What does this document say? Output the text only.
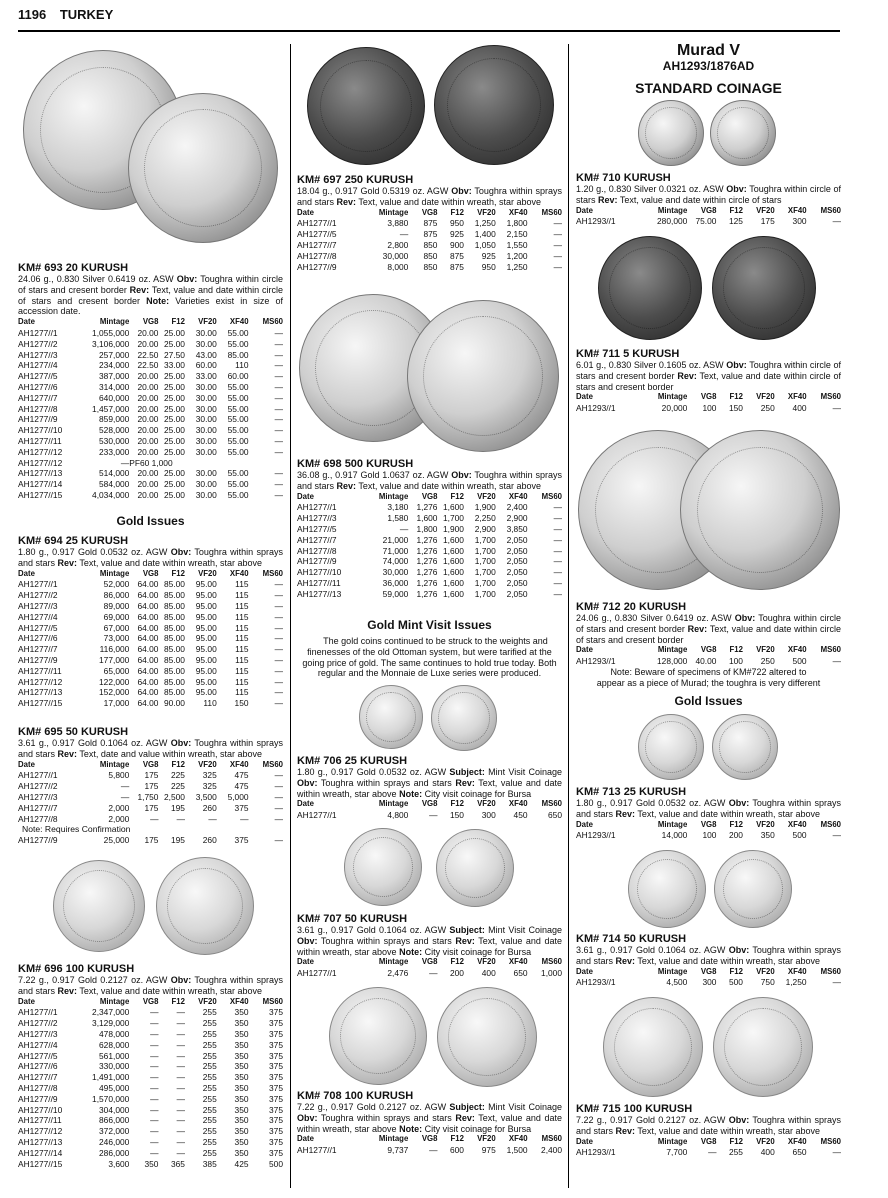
1196 TURKEY
KM# 693 20 KURUSH
24.06 g., 0.830 Silver 0.6419 oz. ASW Obv: Toughra within circle of stars and cresent border Rev: Text, value and date within circle of stars and cresent border Note: Varieties exist in size of accession date.
Date	Mintage	VG8	F12	VF20	XF40	MS60
AH1277//1	1,055,000	20.00	25.00	30.00	55.00	—
AH1277//2	3,106,000	20.00	25.00	30.00	55.00	—
AH1277//3	257,000	22.50	27.50	43.00	85.00	—
AH1277//4	234,000	22.50	33.00	60.00	110	—
AH1277//5	387,000	20.00	25.00	33.00	60.00	—
AH1277//6	314,000	20.00	25.00	30.00	55.00	—
AH1277//7	640,000	20.00	25.00	30.00	55.00	—
AH1277//8	1,457,000	20.00	25.00	30.00	55.00	—
AH1277//9	859,000	20.00	25.00	30.00	55.00	—
AH1277//10	528,000	20.00	25.00	30.00	55.00	—
AH1277//11	530,000	20.00	25.00	30.00	55.00	—
AH1277//12	233,000	20.00	25.00	30.00	55.00	—
AH1277//12	—	PF60 1,000				
AH1277//13	514,000	20.00	25.00	30.00	55.00	—
AH1277//14	584,000	20.00	25.00	30.00	55.00	—
AH1277//15	4,034,000	20.00	25.00	30.00	55.00	—
Gold Issues
KM# 694 25 KURUSH
1.80 g., 0.917 Gold 0.0532 oz. AGW Obv: Toughra within sprays and stars Rev: Text, value and date within wreath, star above
Date	Mintage	VG8	F12	VF20	XF40	MS60
AH1277//1	52,000	64.00	85.00	95.00	115	—
AH1277//2	86,000	64.00	85.00	95.00	115	—
AH1277//3	89,000	64.00	85.00	95.00	115	—
AH1277//4	69,000	64.00	85.00	95.00	115	—
AH1277//5	67,000	64.00	85.00	95.00	115	—
AH1277//6	73,000	64.00	85.00	95.00	115	—
AH1277//7	116,000	64.00	85.00	95.00	115	—
AH1277//9	177,000	64.00	85.00	95.00	115	—
AH1277//11	65,000	64.00	85.00	95.00	115	—
AH1277//12	122,000	64.00	85.00	95.00	115	—
AH1277//13	152,000	64.00	85.00	95.00	115	—
AH1277//15	17,000	64.00	90.00	110	150	—
KM# 695 50 KURUSH
3.61 g., 0.917 Gold 0.1064 oz. AGW Obv: Toughra within sprays and stars Rev: Text, date and value within wreath, star above
Date	Mintage	VG8	F12	VF20	XF40	MS60
AH1277//1	5,800	175	225	325	475	—
AH1277//2	—	175	225	325	475	—
AH1277//3	—	1,750	2,500	3,500	5,000	—
AH1277//7	2,000	175	195	260	375	—
AH1277//8	2,000	—	—	—	—	—
Note: Requires Confirmation
AH1277//9	25,000	175	195	260	375	—
KM# 696 100 KURUSH
7.22 g., 0.917 Gold 0.2127 oz. AGW Obv: Toughra within sprays and stars Rev: Text, value and date within wreath, star above
Date	Mintage	VG8	F12	VF20	XF40	MS60
AH1277//1	2,347,000	—	—	255	350	375
AH1277//2	3,129,000	—	—	255	350	375
AH1277//3	478,000	—	—	255	350	375
AH1277//4	628,000	—	—	255	350	375
AH1277//5	561,000	—	—	255	350	375
AH1277//6	330,000	—	—	255	350	375
AH1277//7	1,491,000	—	—	255	350	375
AH1277//8	495,000	—	—	255	350	375
AH1277//9	1,570,000	—	—	255	350	375
AH1277//10	304,000	—	—	255	350	375
AH1277//11	866,000	—	—	255	350	375
AH1277//12	372,000	—	—	255	350	375
AH1277//13	246,000	—	—	255	350	375
AH1277//14	286,000	—	—	255	350	375
AH1277//15	3,600	350	365	385	425	500
KM# 697 250 KURUSH
18.04 g., 0.917 Gold 0.5319 oz. AGW Obv: Toughra within sprays and stars Rev: Text, value and date within wreath, star above
Date	Mintage	VG8	F12	VF20	XF40	MS60
AH1277//1	3,880	875	950	1,250	1,800	—
AH1277//5	—	875	925	1,400	2,150	—
AH1277//7	2,800	850	900	1,050	1,550	—
AH1277//8	30,000	850	875	925	1,200	—
AH1277//9	8,000	850	875	950	1,250	—
KM# 698 500 KURUSH
36.08 g., 0.917 Gold 1.0637 oz. AGW Obv: Toughra within sprays and stars Rev: Text, value and date within wreath, star above
Date	Mintage	VG8	F12	VF20	XF40	MS60
AH1277//1	3,180	1,276	1,600	1,900	2,400	—
AH1277//3	1,580	1,600	1,700	2,250	2,900	—
AH1277//5	—	1,800	1,900	2,900	3,850	—
AH1277//7	21,000	1,276	1,600	1,700	2,050	—
AH1277//8	71,000	1,276	1,600	1,700	2,050	—
AH1277//9	74,000	1,276	1,600	1,700	2,050	—
AH1277//10	30,000	1,276	1,600	1,700	2,050	—
AH1277//11	36,000	1,276	1,600	1,700	2,050	—
AH1277//13	59,000	1,276	1,600	1,700	2,050	—
Gold Mint Visit Issues
The gold coins continued to be struck to the weights and finenesses of the old Ottoman system, but were tarified at the going price of gold. The same continues to hold true today. Both regular and the Monnaie de Luxe series were produced.
KM# 706 25 KURUSH
1.80 g., 0.917 Gold 0.0532 oz. AGW Subject: Mint Visit Coinage Obv: Toughra within sprays and stars Rev: Text, value and date within wreath, star above Note: City visit coinage for Bursa
Date	Mintage	VG8	F12	VF20	XF40	MS60
AH1277//1	4,800	—	150	300	450	650
KM# 707 50 KURUSH
3.61 g., 0.917 Gold 0.1064 oz. AGW Subject: Mint Visit Coinage Obv: Toughra within sprays and stars Rev: Text, value and date within wreath, star above Note: City visit coinage for Bursa
Date	Mintage	VG8	F12	VF20	XF40	MS60
AH1277//1	2,476	—	200	400	650	1,000
KM# 708 100 KURUSH
7.22 g., 0.917 Gold 0.2127 oz. AGW Subject: Mint Visit Coinage Obv: Toughra within sprays and stars Rev: Text, value and date within wreath, star above Note: City visit coinage for Bursa
Date	Mintage	VG8	F12	VF20	XF40	MS60
AH1277//1	9,737	—	600	975	1,500	2,400
Murad V
AH1293/1876AD
STANDARD COINAGE
KM# 710 KURUSH
1.20 g., 0.830 Silver 0.0321 oz. ASW Obv: Toughra within circle of stars Rev: Text, value and date within circle of stars
Date	Mintage	VG8	F12	VF20	XF40	MS60
AH1293//1	280,000	75.00	125	175	300	—
KM# 711 5 KURUSH
6.01 g., 0.830 Silver 0.1605 oz. ASW Obv: Toughra within circle of stars and cresent border Rev: Text, value and date within circle of stars and cresent border
Date	Mintage	VG8	F12	VF20	XF40	MS60
AH1293//1	20,000	100	150	250	400	—
KM# 712 20 KURUSH
24.06 g., 0.830 Silver 0.6419 oz. ASW Obv: Toughra within circle of stars and cresent border Rev: Text, value and date within circle of stars and cresent border
Date	Mintage	VG8	F12	VF20	XF40	MS60
AH1293//1	128,000	40.00	100	250	500	—
Note: Beware of specimens of KM#722 altered to appear as a piece of Murad; the toughra is very different
Gold Issues
KM# 713 25 KURUSH
1.80 g., 0.917 Gold 0.0532 oz. AGW Obv: Toughra within sprays and stars Rev: Text, value and date within wreath, star above
Date	Mintage	VG8	F12	VF20	XF40	MS60
AH1293//1	14,000	100	200	350	500	—
KM# 714 50 KURUSH
3.61 g., 0.917 Gold 0.1064 oz. AGW Obv: Toughra within sprays and stars Rev: Text, value and date within wreath, star above
Date	Mintage	VG8	F12	VF20	XF40	MS60
AH1293//1	4,500	300	500	750	1,250	—
KM# 715 100 KURUSH
7.22 g., 0.917 Gold 0.2127 oz. AGW Obv: Toughra within sprays and stars Rev: Text, value and date within wreath, star above
Date	Mintage	VG8	F12	VF20	XF40	MS60
AH1293//1	7,700	—	255	400	650	—
